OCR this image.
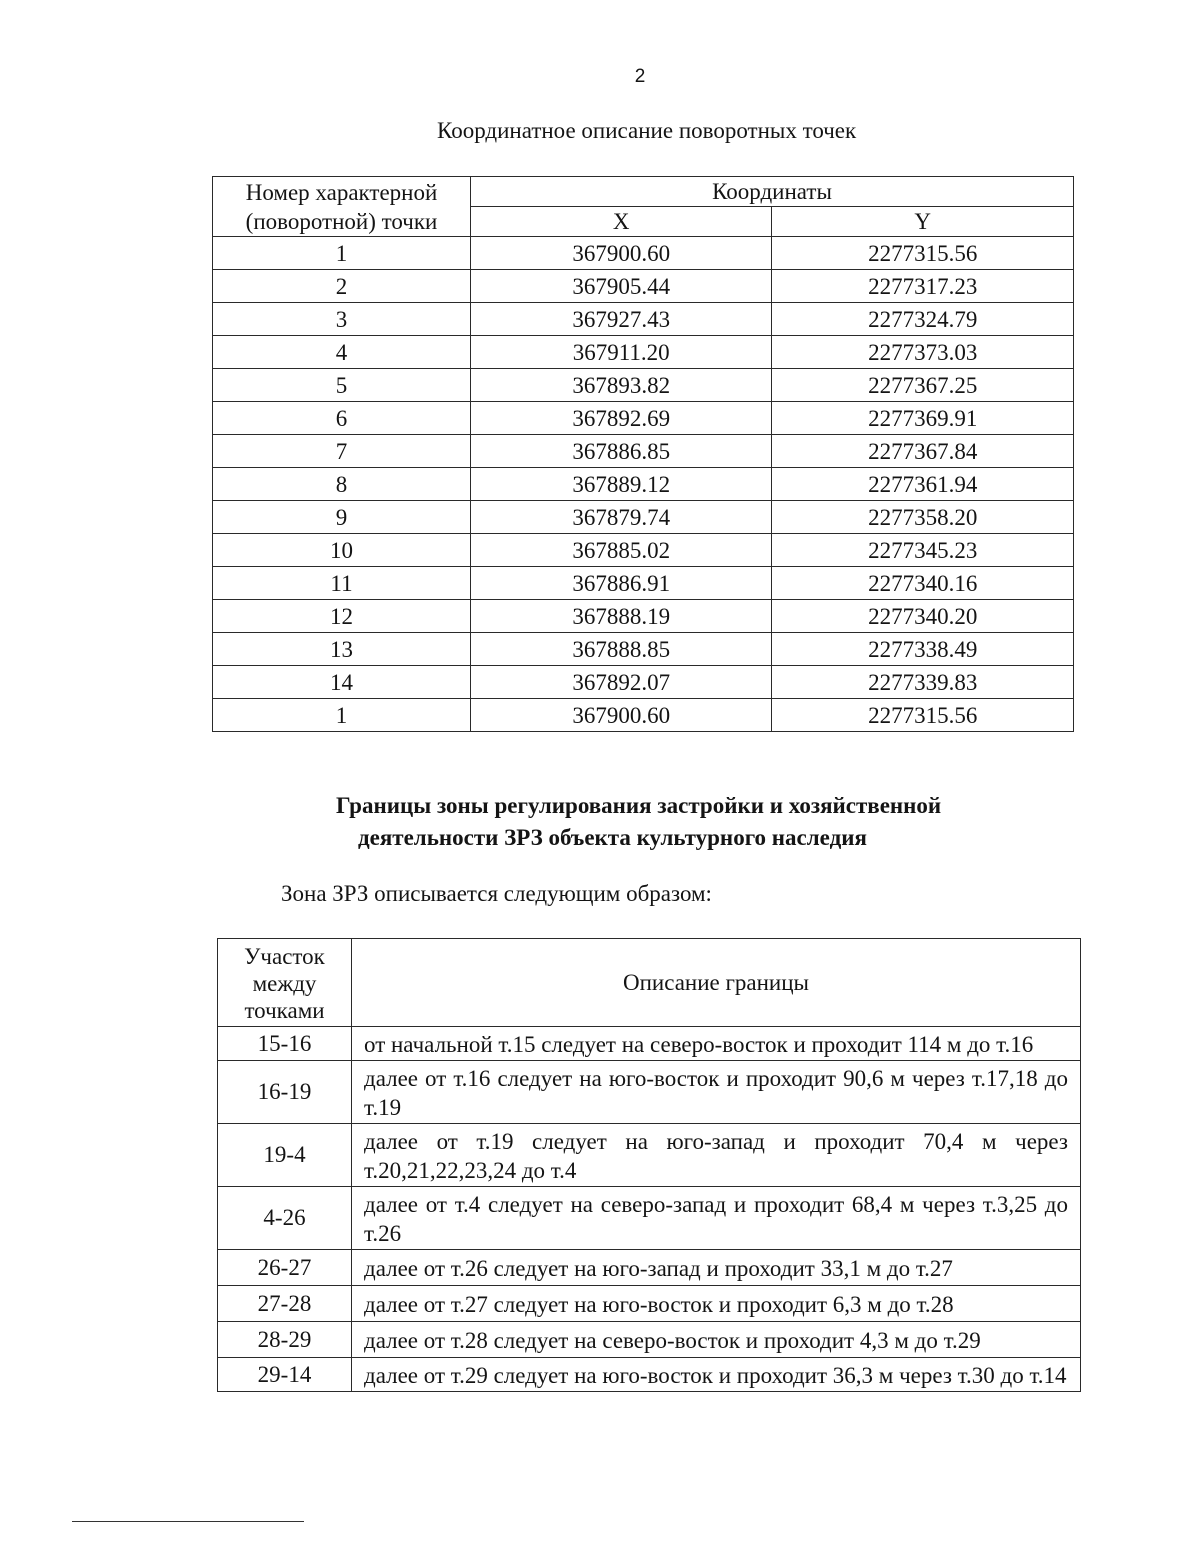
2
Координатное описание поворотных точек
Номер характерной
(поворотной) точки	Координаты	
	X	Y
1	367900.60	2277315.56
2	367905.44	2277317.23
3	367927.43	2277324.79
4	367911.20	2277373.03
5	367893.82	2277367.25
6	367892.69	2277369.91
7	367886.85	2277367.84
8	367889.12	2277361.94
9	367879.74	2277358.20
10	367885.02	2277345.23
11	367886.91	2277340.16
12	367888.19	2277340.20
13	367888.85	2277338.49
14	367892.07	2277339.83
1	367900.60	2277315.56
Границы зоны регулирования застройки и хозяйственной
деятельности ЗРЗ объекта культурного наследия
Зона ЗРЗ описывается следующим образом:
Участок
между
точками	Описание границы
15-16	от начальной т.15 следует на северо-восток и проходит 114 м до т.16
16-19	далее от т.16 следует на юго-восток и проходит 90,6 м через т.17,18 до т.19
19-4	далее от т.19 следует на юго-запад и проходит 70,4 м через т.20,21,22,23,24 до т.4
4-26	далее от т.4 следует на северо-запад и проходит 68,4 м через т.3,25 до т.26
26-27	далее от т.26 следует на юго-запад и проходит 33,1 м до т.27
27-28	далее от т.27 следует на юго-восток и проходит 6,3 м до т.28
28-29	далее от т.28 следует на северо-восток и проходит 4,3 м до т.29
29-14	далее от т.29 следует на юго-восток и проходит 36,3 м через т.30 до т.14
